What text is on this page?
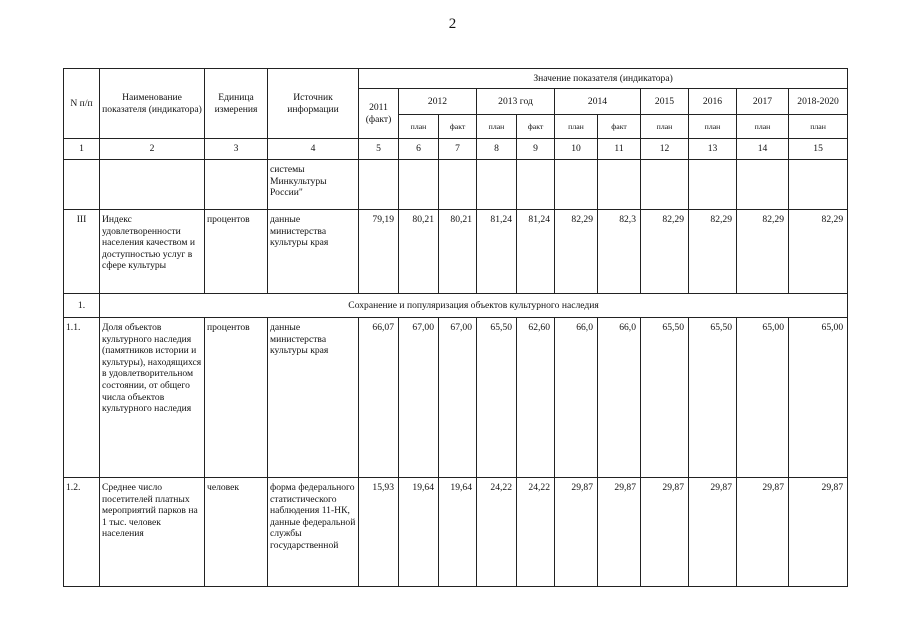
2
N п/п	Наименование показателя (индикатора)	Единица измерения	Источник информации	Значение показателя (индикатора)										
				2011 (факт)	2012		2013 год		2014		2015	2016	2017	2018-2020
					план	факт	план	факт	план	факт	план	план	план	план
1	2	3	4	5	6	7	8	9	10	11	12	13	14	15
			системы Минкультуры России"											
III	Индекс удовлетворенности населения качеством и доступностью услуг в сфере культуры	процентов	данные министерства культуры края	79,19	80,21	80,21	81,24	81,24	82,29	82,3	82,29	82,29	82,29	82,29
1.	Сохранение и популяризация объектов культурного наследия													
1.1.	Доля объектов культурного наследия (памятников истории и культуры), находящихся в удовлетворительном состоянии, от общего числа объектов культурного наследия	процентов	данные министерства культуры края	66,07	67,00	67,00	65,50	62,60	66,0	66,0	65,50	65,50	65,00	65,00
1.2.	Среднее число посетителей платных мероприятий парков на 1 тыс. человек населения	человек	форма федерального статистического наблюдения 11-НК, данные федеральной службы государственной	15,93	19,64	19,64	24,22	24,22	29,87	29,87	29,87	29,87	29,87	29,87
